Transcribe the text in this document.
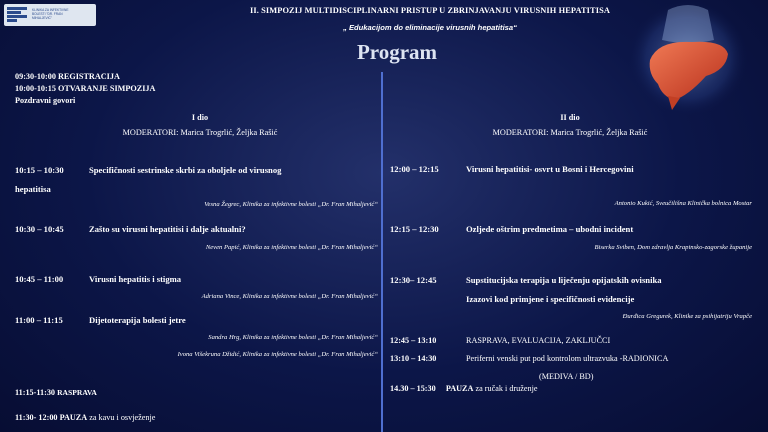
KLINIKA ZA INFEKTIVNE
BOLESTI "DR. FRAN
MIHALJEVIĆ"
II. SIMPOZIJ MULTIDISCIPLINARNI PRISTUP U ZBRINJAVANJU VIRUSNIH HEPATITISA
„ Edukacijom do eliminacije virusnih hepatitisa“
Program
09:30-10:00 REGISTRACIJA
10:00-10:15 OTVARANJE SIMPOZIJA
Pozdravni govori
I dio
MODERATORI: Marica Trogrlić, Željka Rašić
10:15 – 10:30	Specifičnosti sestrinske skrbi za oboljele od virusnog
hepatitisa
Vesna Žegrec, Klinika za infektivne bolesti „Dr. Fran Mihaljević“
10:30 – 10:45	Zašto su virusni hepatitisi i dalje aktualni?
Neven Papić, Klinika za infektivne bolesti „Dr. Fran Mihaljević“
10:45 – 11:00	Virusni hepatitis i stigma
Adriana Vince, Klinika za infektivne bolesti „Dr. Fran Mihaljević“
11:00 – 11:15	Dijetoterapija bolesti jetre
Sandra Hrg, Klinika za infektivne bolesti „Dr. Fran Mihaljević“
Ivona Višekruna Džidić, Klinika za infektivne bolesti „Dr. Fran Mihaljević“
11:15-11:30 RASPRAVA
11:30- 12:00 PAUZA za kavu i osvježenje
II dio
MODERATORI: Marica Trogrlić, Željka Rašić
12:00 – 12:15	Virusni hepatitisi- osvrt u Bosni i Hercegovini
Antonio Kukić, Sveučilišna Klinička bolnica Mostar
12:15 – 12:30	Ozljede oštrim predmetima – ubodni incident
Biserka Sviben, Dom zdravlja Krapinsko-zagorske županije
12:30– 12:45	Supstitucijska terapija u liječenju opijatskih ovisnika
Izazovi kod primjene i specifičnosti evidencije
Đurđica Gregurek, Klinike za psihijatriju Vrapče
12:45 – 13:10	RASPRAVA, EVALUACIJA, ZAKLJUČCI
13:10 – 14:30	Periferni venski put pod kontrolom ultrazvuka -RADIONICA
(MEDIVA / BD)
14.30 – 15:30 PAUZA za ručak i druženje
